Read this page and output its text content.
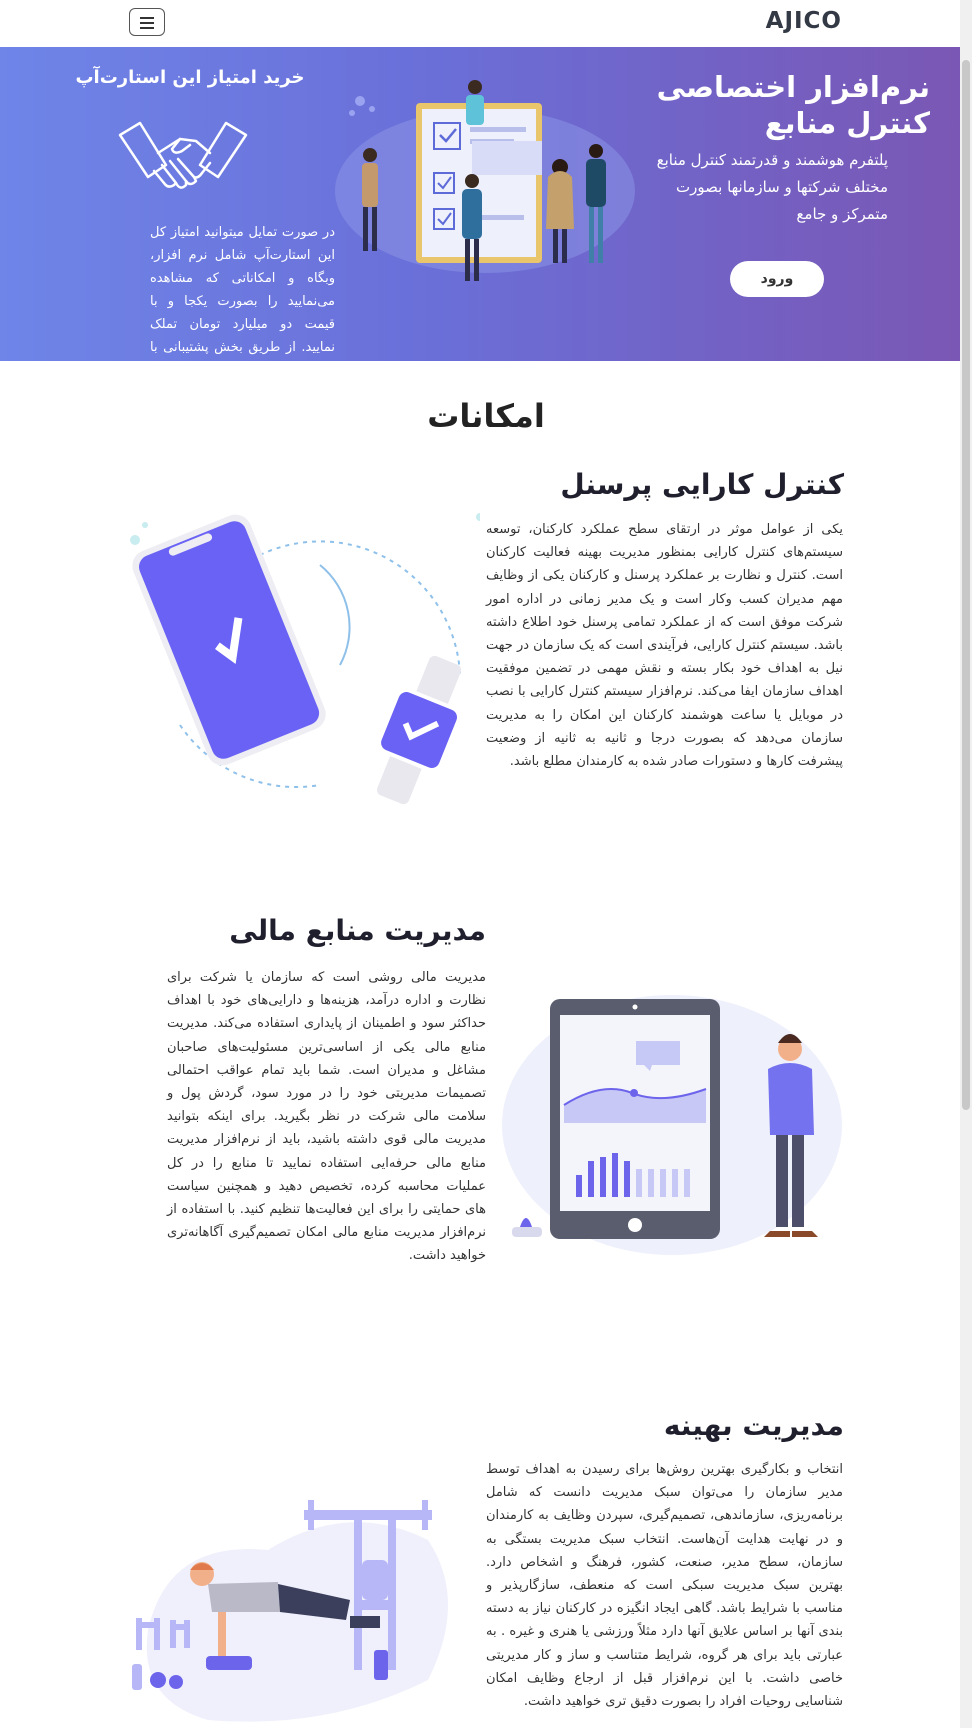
AJICO
نرم‌افزار اختصاصی کنترل منابع
پلتفرم هوشمند و قدرتمند کنترل منابع مختلف شرکتها و سازمانها بصورت متمرکز و جامع
ورود
خرید امتیاز این استارت‌آپ
در صورت تمایل میتوانید امتیاز کل این استارت‌آپ شامل نرم افزار، وبگاه و امکاناتی که مشاهده می‌نمایید را بصورت یکجا و با قیمت دو میلیارد تومان تملک نمایید. از طریق بخش پشتیبانی با ما در تماس باشید.
امکانات
کنترل کارایی پرسنل
یکی از عوامل موثر در ارتقای سطح عملکرد کارکنان، توسعه سیستم‌های کنترل کارایی بمنظور مدیریت بهینه فعالیت کارکنان است. کنترل و نظارت بر عملکرد پرسنل و کارکنان یکی از وظایف مهم مدیران کسب وکار است و یک مدیر زمانی در اداره امور شرکت موفق است که از عملکرد تمامی پرسنل خود اطلاع داشته باشد. سیستم کنترل کارایی، فرآیندی است که یک سازمان در جهت نیل به اهداف خود بکار بسته و نقش مهمی در تضمین موفقیت اهداف سازمان ایفا می‌کند. نرم‌افزار سیستم کنترل کارایی با نصب در موبایل یا ساعت هوشمند کارکنان این امکان را به مدیریت سازمان می‌دهد که بصورت درجا و ثانیه به ثانیه از وضعیت پیشرفت کارها و دستورات صادر شده به کارمندان مطلع باشد.
مدیریت منابع مالی
مدیریت مالی روشی است که سازمان یا شرکت برای نظارت و اداره درآمد، هزینه‌ها و دارایی‌های خود با اهداف حداکثر سود و اطمینان از پایداری استفاده می‌کند. مدیریت منابع مالی یکی از اساسی‌ترین مسئولیت‌های صاحبان مشاغل و مدیران است. شما باید تمام عواقب احتمالی تصمیمات مدیریتی خود را در مورد سود، گردش پول و سلامت مالی شرکت در نظر بگیرید. برای اینکه بتوانید مدیریت مالی قوی داشته باشید، باید از نرم‌افزار مدیریت منابع مالی حرفه‌ایی استفاده نمایید تا منابع را در کل عملیات محاسبه کرده، تخصیص دهید و همچنین سیاست های حمایتی را برای این فعالیت‌ها تنظیم کنید. با استفاده از نرم‌افزار مدیریت منابع مالی امکان تصمیم‌گیری آگاهانه‌تری خواهید داشت.
مدیریت بهینه
انتخاب و بکارگیری بهترین روش‌ها برای رسیدن به اهداف توسط مدیر سازمان را می‌توان سبک مدیریت دانست که شامل برنامه‌ریزی، سازماندهی، تصمیم‌گیری، سپردن وظایف به کارمندان و در نهایت هدایت آن‌هاست. انتخاب سبک مدیریت بستگی به سازمان، سطح مدیر، صنعت، کشور، فرهنگ و اشخاص دارد. بهترین سبک مدیریت سبکی است که منعطف، سازگارپذیر و مناسب با شرایط باشد. گاهی ایجاد انگیزه در کارکنان نیاز به دسته بندی آنها بر اساس علایق آنها دارد مثلاً ورزشی یا هنری و غیره . به عبارتی باید برای هر گروه، شرایط متناسب و ساز و کار مدیریتی خاصی داشت. با این نرم‌افزار قبل از ارجاع وظایف امکان شناسایی روحیات افراد را بصورت دقیق تری خواهید داشت.
